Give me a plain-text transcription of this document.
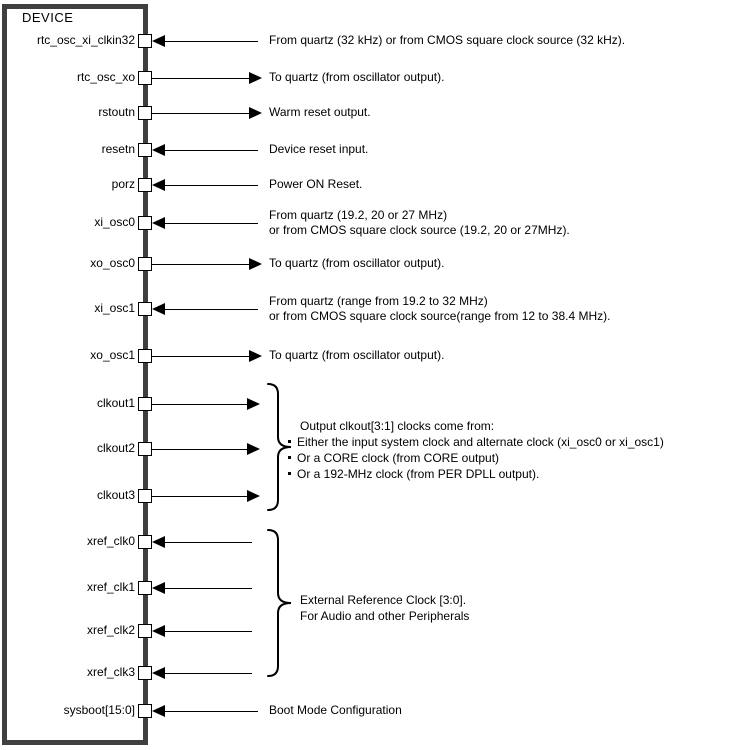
DEVICE
rtc_osc_xi_clkin32	From quartz (32 kHz) or from CMOS square clock source (32 kHz).
rtc_osc_xo	To quartz (from oscillator output).
rstoutn	Warm reset output.
resetn	Device reset input.
porz	Power ON Reset.
xi_osc0	From quartz (19.2, 20 or 27 MHz)
or from CMOS square clock source (19.2, 20 or 27MHz).
xo_osc0	To quartz (from oscillator output).
xi_osc1	From quartz (range from 19.2 to 32 MHz)
or from CMOS square clock source(range from 12 to 38.4 MHz).
xo_osc1	To quartz (from oscillator output).
clkout1
clkout2
clkout3
xref_clk0
xref_clk1
xref_clk2
xref_clk3
sysboot[15:0]	Boot Mode Configuration
Output clkout[3:1] clocks come from:
Either the input system clock and alternate clock (xi_osc0 or xi_osc1)
Or a CORE clock (from CORE output)
Or a 192-MHz clock (from PER DPLL output).
External Reference Clock [3:0].
For Audio and other Peripherals
